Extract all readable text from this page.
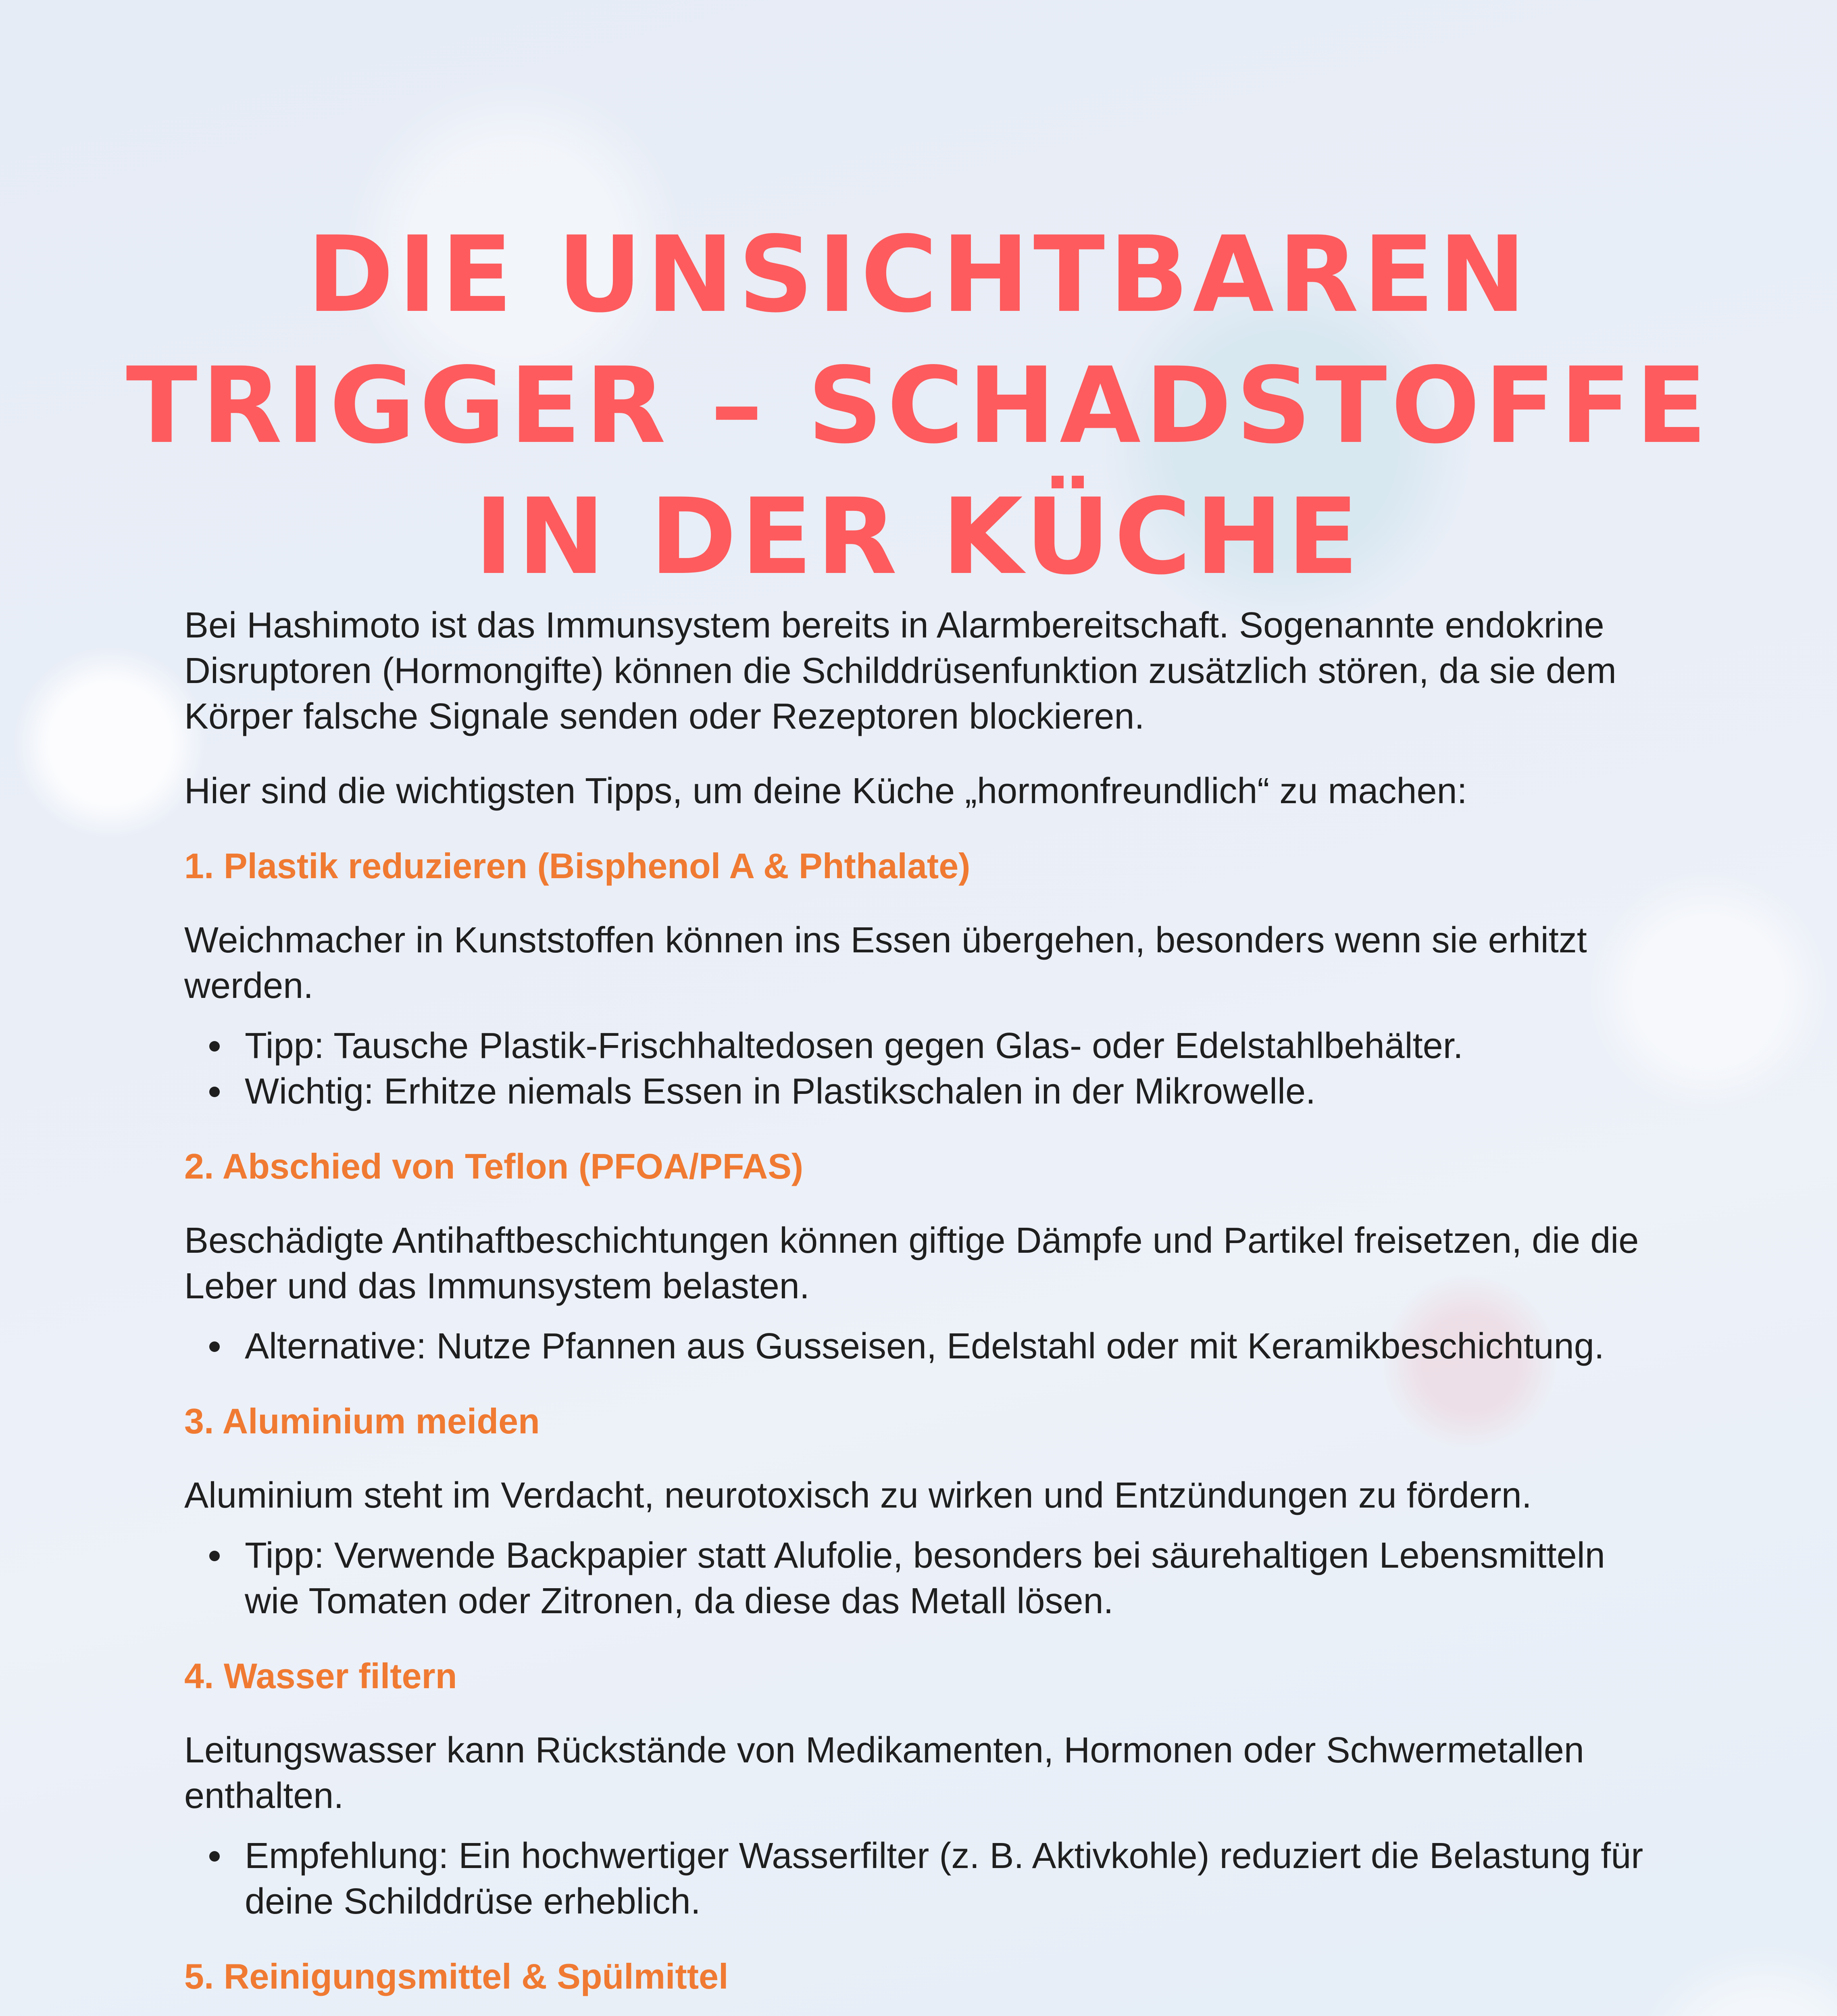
DIE UNSICHTBAREN
TRIGGER – SCHADSTOFFE
IN DER KÜCHE

Bei Hashimoto ist das Immunsystem bereits in Alarmbereitschaft. Sogenannte endokrine Disruptoren (Hormongifte) können die Schilddrüsenfunktion zusätzlich stören, da sie dem Körper falsche Signale senden oder Rezeptoren blockieren.

Hier sind die wichtigsten Tipps, um deine Küche „hormonfreundlich“ zu machen:

1. Plastik reduzieren (Bisphenol A & Phthalate)

Weichmacher in Kunststoffen können ins Essen übergehen, besonders wenn sie erhitzt werden.

Tipp: Tausche Plastik-Frischhaltedosen gegen Glas- oder Edelstahlbehälter.
Wichtig: Erhitze niemals Essen in Plastikschalen in der Mikrowelle.
2. Abschied von Teflon (PFOA/PFAS)

Beschädigte Antihaftbeschichtungen können giftige Dämpfe und Partikel freisetzen, die die Leber und das Immunsystem belasten.

Alternative: Nutze Pfannen aus Gusseisen, Edelstahl oder mit Keramikbeschichtung.
3. Aluminium meiden

Aluminium steht im Verdacht, neurotoxisch zu wirken und Entzündungen zu fördern.

Tipp: Verwende Backpapier statt Alufolie, besonders bei säurehaltigen Lebensmitteln wie Tomaten oder Zitronen, da diese das Metall lösen.
4. Wasser filtern

Leitungswasser kann Rückstände von Medikamenten, Hormonen oder Schwermetallen enthalten.

Empfehlung: Ein hochwertiger Wasserfilter (z. B. Aktivkohle) reduziert die Belastung für deine Schilddrüse erheblich.
5. Reinigungsmittel & Spülmittel
